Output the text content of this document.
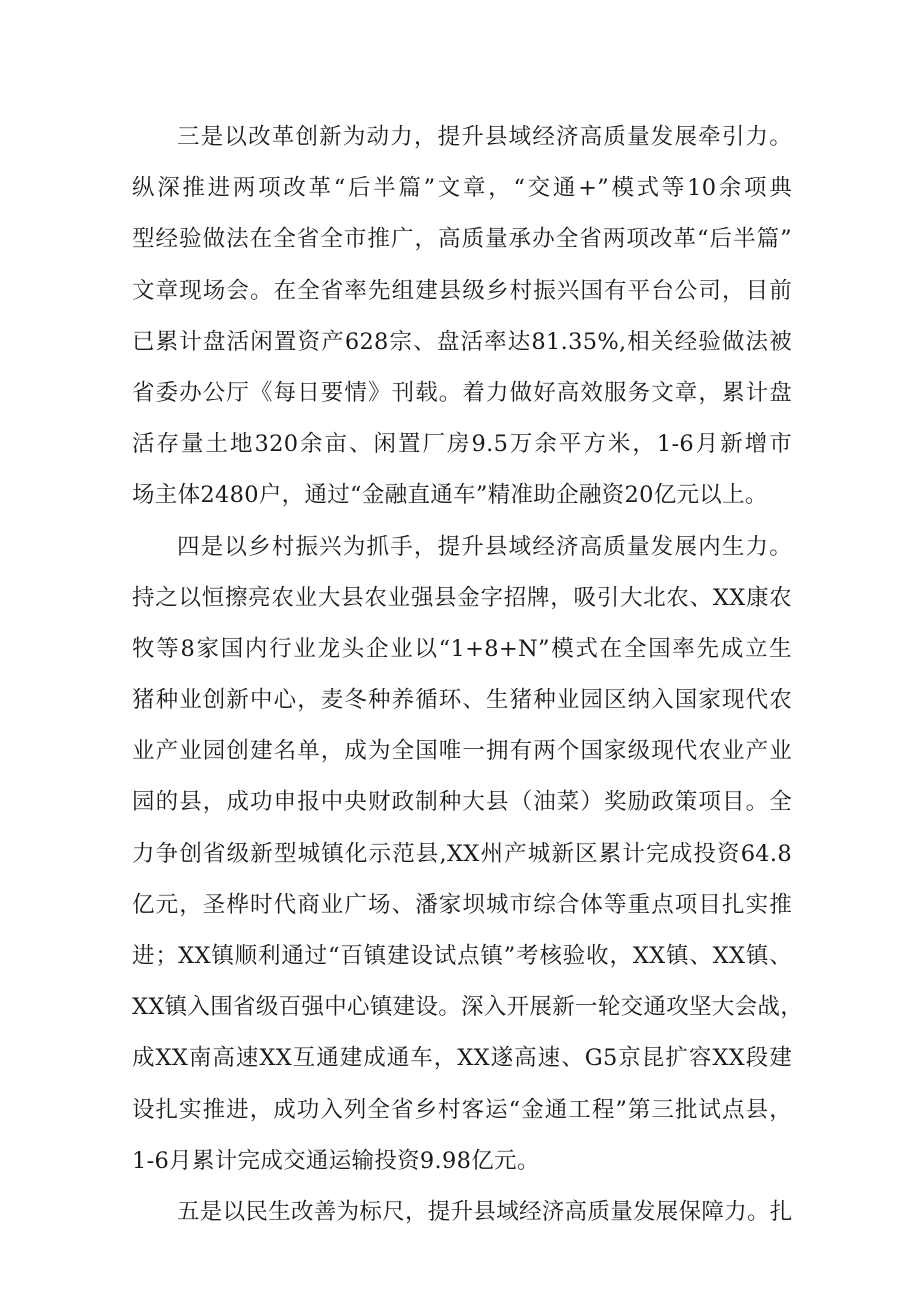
三是以改革创新为动力，提升县域经济高质量发展牵引力。
纵深推进两项改革“后半篇”文章，“交通+”模式等10余项典
型经验做法在全省全市推广，高质量承办全省两项改革“后半篇”
文章现场会。在全省率先组建县级乡村振兴国有平台公司，目前
已累计盘活闲置资产628宗、盘活率达81.35%,相关经验做法被
省委办公厅《每日要情》刊载。着力做好高效服务文章，累计盘
活存量土地320余亩、闲置厂房9.5万余平方米，1-6月新增市
场主体2480户，通过“金融直通车”精准助企融资20亿元以上。
四是以乡村振兴为抓手，提升县域经济高质量发展内生力。
持之以恒擦亮农业大县农业强县金字招牌，吸引大北农、XX康农
牧等8家国内行业龙头企业以“1+8+N”模式在全国率先成立生
猪种业创新中心，麦冬种养循环、生猪种业园区纳入国家现代农
业产业园创建名单，成为全国唯一拥有两个国家级现代农业产业
园的县，成功申报中央财政制种大县（油菜）奖励政策项目。全
力争创省级新型城镇化示范县,XX州产城新区累计完成投资64.8
亿元，圣桦时代商业广场、潘家坝城市综合体等重点项目扎实推
进；XX镇顺利通过“百镇建设试点镇”考核验收，XX镇、XX镇、
XX镇入围省级百强中心镇建设。深入开展新一轮交通攻坚大会战，
成XX南高速XX互通建成通车，XX遂高速、G5京昆扩容XX段建
设扎实推进，成功入列全省乡村客运“金通工程”第三批试点县，
1-6月累计完成交通运输投资9.98亿元。
五是以民生改善为标尺，提升县域经济高质量发展保障力。扎
